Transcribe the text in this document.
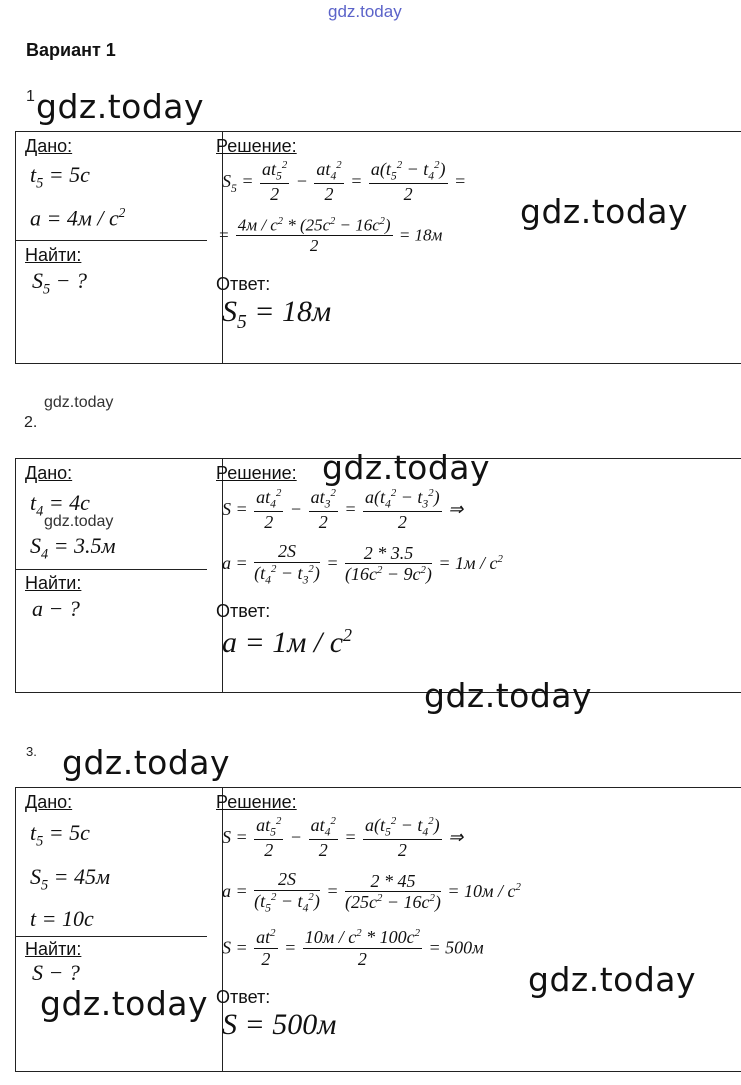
gdz.today
Вариант 1
1 gdz.today
Дано:
Найти:
Решение:
Ответ:
$t_5 = 5c$
$a = 4м / c^2$
$S_5$ − ?
$S_5 = \frac{at_5^2}{2} - \frac{at_4^2}{2} = \frac{a(t_5^2 - t_4^2)}{2}$ =
= $\frac{4м / c^2 * (25c^2 - 16c^2)}{2} = 18м$
$S_5 = 18м$
gdz.today
gdz.today
2.
Дано:
Найти:
Решение:
Ответ:
gdz.today
$t_4 = 4c$
gdz.today
$S_4 = 3.5м$
a − ?
$S = \frac{at_4^2}{2} - \frac{at_3^2}{2} = \frac{a(t_4^2 - t_3^2)}{2}$ ⇒
$a = \frac{2S}{(t_4^2 - t_3^2)} = \frac{2 * 3.5}{(16c^2 - 9c^2)} = 1м / c^2$
$a = 1м / c^2$
gdz.today
3. gdz.today
Дано:
Найти:
Решение:
Ответ:
$t_5 = 5c$
$S_5 = 45м$
t = 10c
S − ?
$S = \frac{at_5^2}{2} - \frac{at_4^2}{2} = \frac{a(t_5^2 - t_4^2)}{2}$ ⇒
$a = \frac{2S}{(t_5^2 - t_4^2)} = \frac{2 * 45}{(25c^2 - 16c^2)} = 10м / c^2$
$S = \frac{at^2}{2} = \frac{10м / c^2 * 100c^2}{2} = 500м$
gdz.today
gdz.today
S = 500м
